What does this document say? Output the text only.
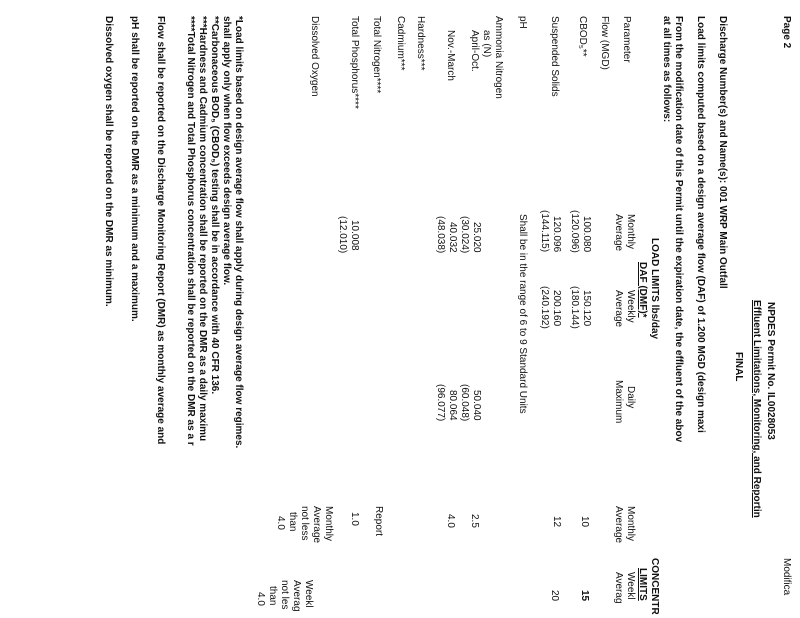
Page 2
Modifica
NPDES Permit No. IL0028053
Effluent Limitations, Monitoring, and Reportin
FINAL
Discharge Number(s) and Name(s): 001 WRP Main Outfall
Load limits computed based on a design average flow (DAF) of 1.200 MGD (design maxi
From the modification date of this Permit until the expiration date, the effluent of the abov
at all times as follows:
LOAD LIMITS lbs/day
DAF (DMF)*
CONCENTR
LIMITS
Parameter
Monthly
Average
Weekly
Average
Daily
Maximum
Monthly
Average
Weekl
Averag
Flow (MGD)
CBOD₅**
100.080
(120.096)
150.120
(180.144)
10
15
Suspended Solids
120.096
(144.115)
200.160
(240.192)
12
20
pH
Shall be in the range of 6 to 9 Standard Units
Ammonia Nitrogen
as (N)
April-Oct.
25.020
(30.024)
50.040
(60.048)
2.5
Nov.-March
40.032
(48.038)
80.064
(96.077)
4.0
Hardness***
Cadmium***
Total Nitrogen****
Report
Total Phosphorus****
10.008
(12.010)
1.0
Dissolved Oxygen
Monthly
Average
not less
than
4.0
Weekl
Averag
not les
than
4.0
*Load limits based on design average flow shall apply during design average flow regimes.
shall apply only when flow exceeds design average flow.
**Carbonaceous BOD₅ (CBOD₅) testing shall be in accordance with 40 CFR 136.
***Hardness and Cadmium concentration shall be reported on the DMR as a daily maximu
****Total Nitrogen and Total Phosphorus concentration shall be reported on the DMR as a r
Flow shall be reported on the Discharge Monitoring Report (DMR) as monthly average and
pH shall be reported on the DMR as a minimum and a maximum.
Dissolved oxygen shall be reported on the DMR as minimum.
